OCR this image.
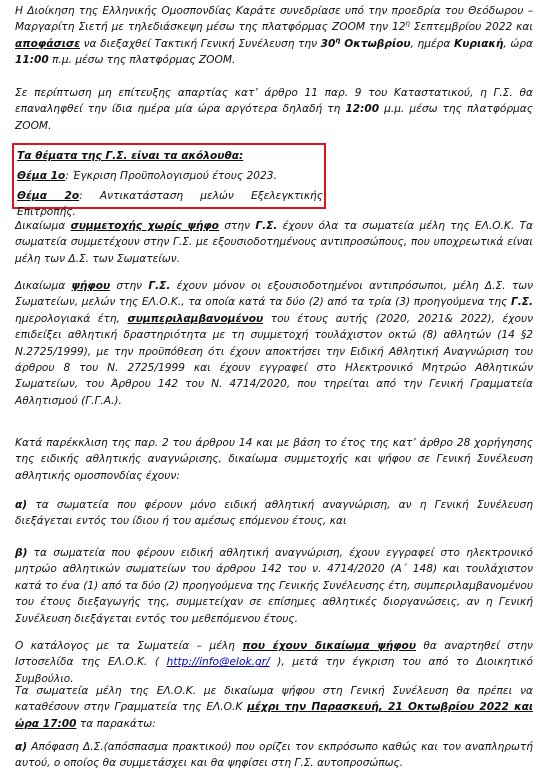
Η Διοίκηση της Ελληνικής Ομοσπονδίας Καράτε συνεδρίασε υπό την προεδρία του Θεόδωρου – Μαργαρίτη Σιετή με τηλεδιάσκεψη μέσω της πλατφόρμας ZOOM την $12^\eta$ Σεπτεμβρίου 2022 και αποφάσισε να διεξαχθεί Τακτική Γενική Συνέλευση την $30^\eta$ Οκτωβρίου, ημέρα Κυριακή, ώρα 11:00 π.μ. μέσω της πλατφόρμας ZOOM.

Σε περίπτωση μη επίτευξης απαρτίας κατ’ άρθρο 11 παρ. 9 του Καταστατικού, η Γ.Σ. θα επαναληφθεί την ίδια ημέρα μία ώρα αργότερα δηλαδή τη 12:00 μ.μ. μέσω της πλατφόρμας ZOOM.

Τα θέματα της Γ.Σ. είναι τα ακόλουθα:

Θέμα 1ο: Έγκριση Προϋπολογισμού έτους 2023.

Θέμα 2ο: Αντικατάσταση μελών Εξελεγκτικής Επιτροπής.

Δικαίωμα συμμετοχής χωρίς ψήφο στην Γ.Σ. έχουν όλα τα σωματεία μέλη της ΕΛ.Ο.Κ. Τα σωματεία συμμετέχουν στην Γ.Σ. με εξουσιοδοτημένους αντιπροσώπους, που υποχρεωτικά είναι μέλη των Δ.Σ. των Σωματείων.

Δικαίωμα ψήφου στην Γ.Σ. έχουν μόνον οι εξουσιοδοτημένοι αντιπρόσωποι, μέλη Δ.Σ. των Σωματείων, μελών της ΕΛ.Ο.Κ., τα οποία κατά τα δύο (2) από τα τρία (3) προηγούμενα της Γ.Σ. ημερολογιακά έτη, συμπεριλαμβανομένου του έτους αυτής (2020, 2021& 2022), έχουν επιδείξει αθλητική δραστηριότητα με τη συμμετοχή τουλάχιστον οκτώ (8) αθλητών (14 §2 Ν.2725/1999), με την προϋπόθεση ότι έχουν αποκτήσει την Ειδική Αθλητική Αναγνώριση του άρθρου 8 του Ν. 2725/1999 και έχουν εγγραφεί στο Ηλεκτρονικό Μητρώο Αθλητικών Σωματείων, του Άρθρου 142 του Ν. 4714/2020, που τηρείται από την Γενική Γραμματεία Αθλητισμού (Γ.Γ.Α.).

Κατά παρέκκλιση της παρ. 2 του άρθρου 14 και με βάση το έτος της κατ’ άρθρο 28 χορήγησης της ειδικής αθλητικής αναγνώρισης, δικαίωμα συμμετοχής και ψήφου σε Γενική Συνέλευση αθλητικής ομοσπονδίας έχουν:

α) τα σωματεία που φέρουν μόνο ειδική αθλητική αναγνώριση, αν η Γενική Συνέλευση διεξάγεται εντός του ίδιου ή του αμέσως επόμενου έτους, και

β) τα σωματεία που φέρουν ειδική αθλητική αναγνώριση, έχουν εγγραφεί στο ηλεκτρονικό μητρώο αθλητικών σωματείων του άρθρου 142 του ν. 4714/2020 (Α΄ 148) και τουλάχιστον κατά το ένα (1) από τα δύο (2) προηγούμενα της Γενικής Συνέλευσης έτη, συμπεριλαμβανομένου του έτους διεξαγωγής της, συμμετείχαν σε επίσημες αθλητικές διοργανώσεις, αν η Γενική Συνέλευση διεξάγεται εντός του μεθεπόμενου έτους.

Ο κατάλογος με τα Σωματεία – μέλη που έχουν δικαίωμα ψήφου θα αναρτηθεί στην Ιστοσελίδα της ΕΛ.Ο.Κ. ( http://info@elok.gr/ ), μετά την έγκριση του από το Διοικητικό Συμβούλιο.

Τα σωματεία μέλη της ΕΛ.Ο.Κ. με δικαίωμα ψήφου στη Γενική Συνέλευση θα πρέπει να καταθέσουν στην Γραμματεία της ΕΛ.Ο.Κ μέχρι την Παρασκευή, 21 Οκτωβρίου 2022 και ώρα 17:00 τα παρακάτω:

α) Απόφαση Δ.Σ.(απόσπασμα πρακτικού) που ορίζει τον εκπρόσωπο καθώς και τον αναπληρωτή αυτού, ο οποίος θα συμμετάσχει και θα ψηφίσει στη Γ.Σ. αυτοπροσώπως.
